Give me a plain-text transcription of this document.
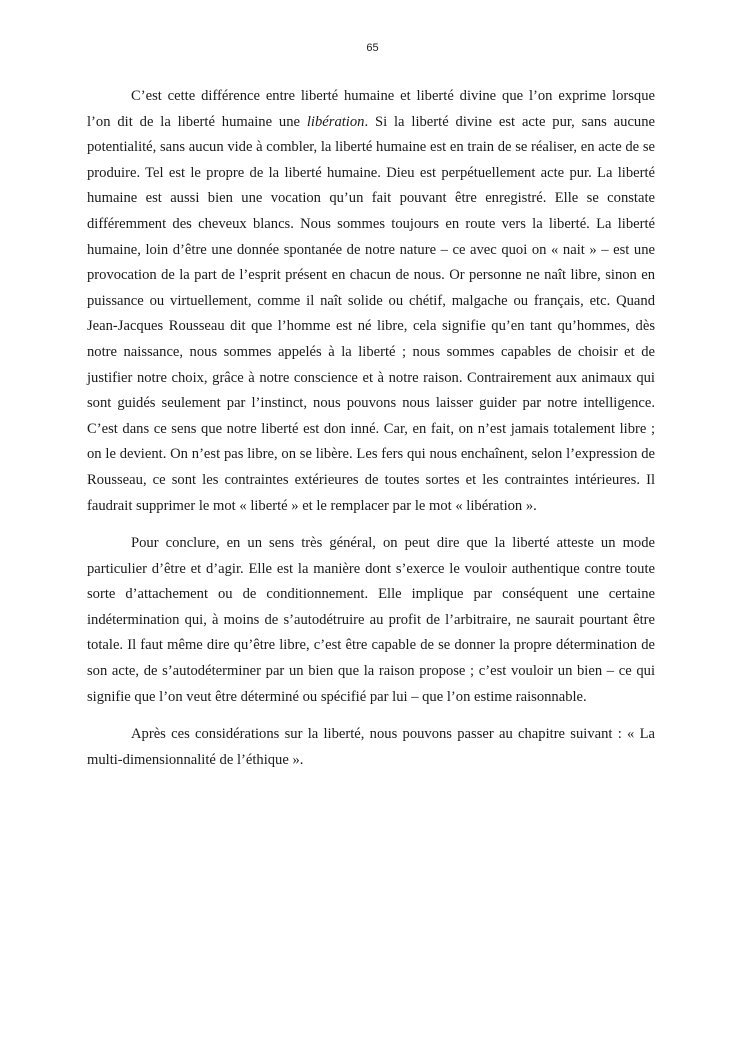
65

C’est cette différence entre liberté humaine et liberté divine que l’on exprime lorsque l’on dit de la liberté humaine une libération. Si la liberté divine est acte pur, sans aucune potentialité, sans aucun vide à combler, la liberté humaine est en train de se réaliser, en acte de se produire. Tel est le propre de la liberté humaine. Dieu est perpétuellement acte pur. La liberté humaine est aussi bien une vocation qu’un fait pouvant être enregistré. Elle se constate différemment des cheveux blancs. Nous sommes toujours en route vers la liberté. La liberté humaine, loin d’être une donnée spontanée de notre nature – ce avec quoi on « nait » – est une provocation de la part de l’esprit présent en chacun de nous. Or personne ne naît libre, sinon en puissance ou virtuellement, comme il naît solide ou chétif, malgache ou français, etc. Quand Jean-Jacques Rousseau dit que l’homme est né libre, cela signifie qu’en tant qu’hommes, dès notre naissance, nous sommes appelés à la liberté ; nous sommes capables de choisir et de justifier notre choix, grâce à notre conscience et à notre raison. Contrairement aux animaux qui sont guidés seulement par l’instinct, nous pouvons nous laisser guider par notre intelligence. C’est dans ce sens que notre liberté est don inné. Car, en fait, on n’est jamais totalement libre ; on le devient. On n’est pas libre, on se libère. Les fers qui nous enchaînent, selon l’expression de Rousseau, ce sont les contraintes extérieures de toutes sortes et les contraintes intérieures. Il faudrait supprimer le mot « liberté » et le remplacer par le mot « libération ».

Pour conclure, en un sens très général, on peut dire que la liberté atteste un mode particulier d’être et d’agir. Elle est la manière dont s’exerce le vouloir authentique contre toute sorte d’attachement ou de conditionnement. Elle implique par conséquent une certaine indétermination qui, à moins de s’autodétruire au profit de l’arbitraire, ne saurait pourtant être totale. Il faut même dire qu’être libre, c’est être capable de se donner la propre détermination de son acte, de s’autodéterminer par un bien que la raison propose ; c’est vouloir un bien – ce qui signifie que l’on veut être déterminé ou spécifié par lui – que l’on estime raisonnable.

Après ces considérations sur la liberté, nous pouvons passer au chapitre suivant : « La multi-dimensionnalité de l’éthique ».
